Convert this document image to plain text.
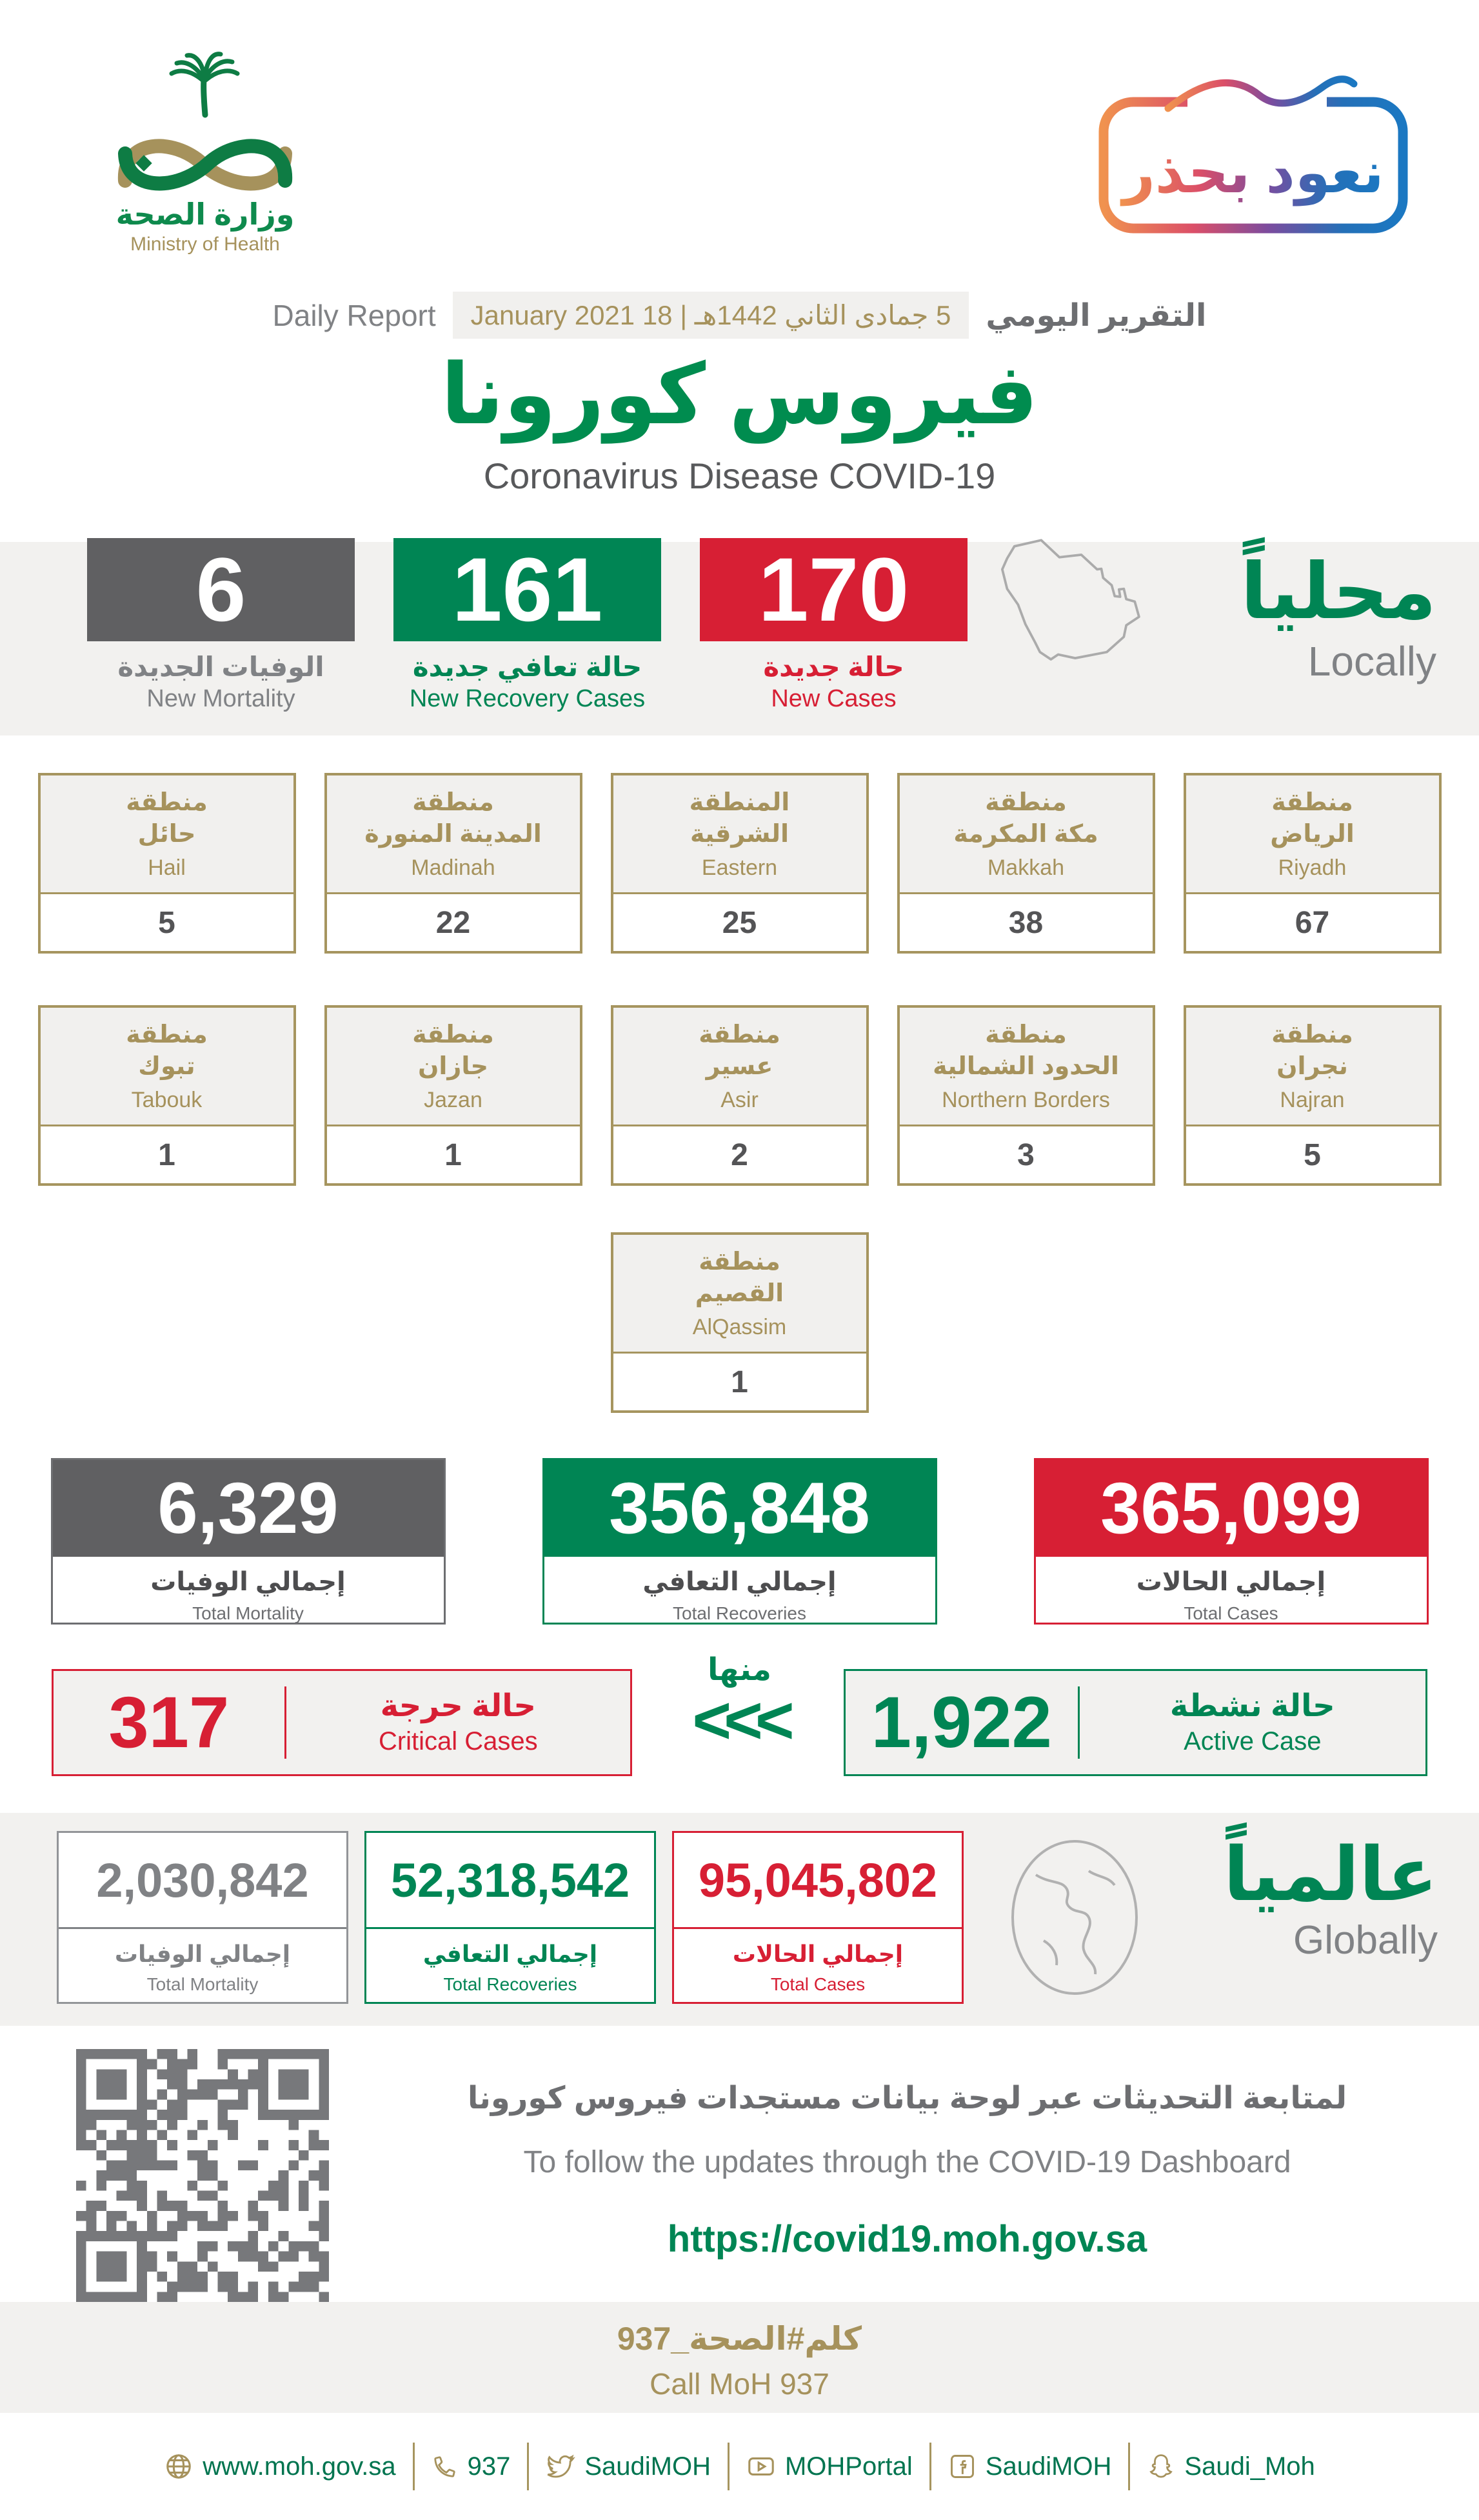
وزارة الصحة
Ministry of Health
نعود بحذر
Daily Report	5 جمادى الثاني 1442هـ | 18 January 2021	التقرير اليومي
فيروس كورونا
Coronavirus Disease COVID-19
6
الوفيات الجديدة
New Mortality
161
حالة تعافي جديدة
New Recovery Cases
170
حالة جديدة
New Cases
محلياً
Locally
منطقة
حائل
Hail
5
منطقة
المدينة المنورة
Madinah
22
المنطقة
الشرقية
Eastern
25
منطقة
مكة المكرمة
Makkah
38
منطقة
الرياض
Riyadh
67
منطقة
تبوك
Tabouk
1
منطقة
جازان
Jazan
1
منطقة
عسير
Asir
2
منطقة
الحدود الشمالية
Northern Borders
3
منطقة
نجران
Najran
5
منطقة
القصيم
AlQassim
1
6,329
إجمالي الوفيات
Total Mortality
356,848
إجمالي التعافي
Total Recoveries
365,099
إجمالي الحالات
Total Cases
317	حالة حرجة
Critical Cases
منها
<<<	1,922	حالة نشطة
Active Case
2,030,842
إجمالي الوفيات
Total Mortality
52,318,542
إجمالي التعافي
Total Recoveries
95,045,802
إجمالي الحالات
Total Cases
عالمياً
Globally
لمتابعة التحديثات عبر لوحة بيانات مستجدات فيروس كورونا
To follow the updates through the COVID-19 Dashboard
https://covid19.moh.gov.sa
كلم#الصحة_937
Call MoH 937
www.moh.gov.sa	937	SaudiMOH	MOHPortal	SaudiMOH	Saudi_Moh
